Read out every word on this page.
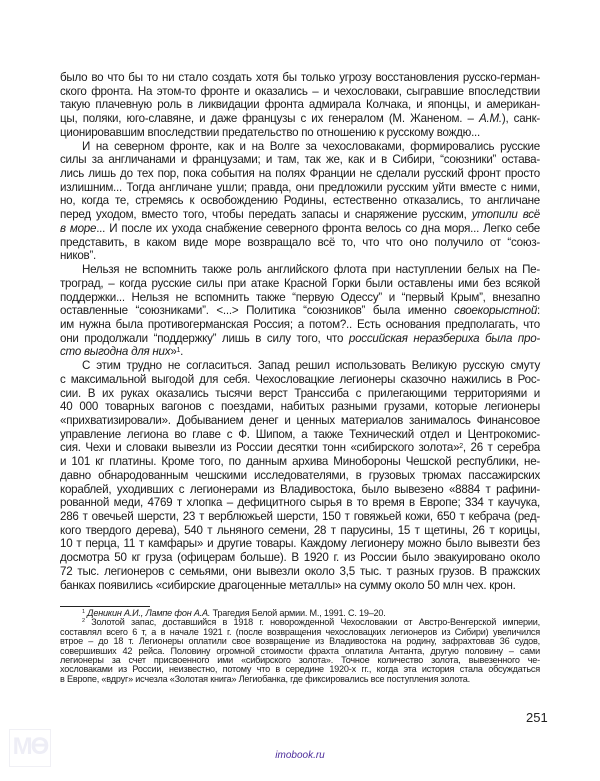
было во что бы то ни стало создать хотя бы только угрозу восстановления русско-герман-
ского фронта. На этом-то фронте и оказались – и чехословаки, сыгравшие впоследствии
такую плачевную роль в ликвидации фронта адмирала Колчака, и японцы, и американ-
цы, поляки, юго-славяне, и даже французы с их генералом (М. Жаненом. – А.М.), санк-
ционировавшим впоследствии предательство по отношению к русскому вождю...
И на северном фронте, как и на Волге за чехословаками, формировались русские
силы за англичанами и французами; и там, так же, как и в Сибири, “союзники” остава-
лись лишь до тех пор, пока события на полях Франции не сделали русский фронт просто
излишним... Тогда англичане ушли; правда, они предложили русским уйти вместе с ними,
но, когда те, стремясь к освобождению Родины, естественно отказались, то англичане
перед уходом, вместо того, чтобы передать запасы и снаряжение русским, утопили всё
в море... И после их ухода снабжение северного фронта велось со дна моря... Легко себе
представить, в каком виде море возвращало всё то, что что оно получило от “союз-
ников”.
Нельзя не вспомнить также роль английского флота при наступлении белых на Пе-
троград, – когда русские силы при атаке Красной Горки были оставлены ими без всякой
поддержки... Нельзя не вспомнить также “первую Одессу” и “первый Крым”, внезапно
оставленные “союзниками”. <...> Политика “союзников” была именно своекорыстной:
им нужна была противогерманская Россия; а потом?.. Есть основания предполагать, что
они продолжали “поддержку” лишь в силу того, что российская неразбериха была про-
сто выгодна для них»$^1$.
С этим трудно не согласиться. Запад решил использовать Великую русскую смуту
с максимальной выгодой для себя. Чехословацкие легионеры сказочно нажились в Рос-
сии. В их руках оказались тысячи верст Транссиба с прилегающими территориями и
40 000 товарных вагонов с поездами, набитых разными грузами, которые легионеры
«прихватизировали». Добыванием денег и ценных материалов занималось Финансовое
управление легиона во главе с Ф. Шипом, а также Технический отдел и Центрокомис-
сия. Чехи и словаки вывезли из России десятки тонн «сибирского золота»$^2$, 26 т серебра
и 101 кг платины. Кроме того, по данным архива Минобороны Чешской республики, не-
давно обнародованным чешскими исследователями, в грузовых трюмах пассажирских
кораблей, уходивших с легионерами из Владивостока, было вывезено «8884 т рафини-
рованной меди, 4769 т хлопка – дефицитного сырья в то время в Европе; 334 т каучука,
286 т овечьей шерсти, 23 т верблюжьей шерсти, 150 т говяжьей кожи, 650 т кебрача (ред-
кого твердого дерева), 540 т льняного семени, 28 т парусины, 15 т щетины, 26 т корицы,
10 т перца, 11 т камфары» и другие товары. Каждому легионеру можно было вывезти без
досмотра 50 кг груза (офицерам больше). В 1920 г. из России было эвакуировано около
72 тыс. легионеров с семьями, они вывезли около 3,5 тыс. т разных грузов. В пражских
банках появились «сибирские драгоценные металлы» на сумму около 50 млн чех. крон.
$^1$ Деникин А.И., Лампе фон А.А. Трагедия Белой армии. М., 1991. С. 19–20.
$^2$ Золотой запас, доставшийся в 1918 г. новорожденной Чехословакии от Австро-Венгерской империи,
составлял всего 6 т, а в начале 1921 г. (после возвращения чехословацких легионеров из Сибири) увеличился
втрое – до 18 т. Легионеры оплатили свое возвращение из Владивостока на родину, зафрахтовав 36 судов,
совершивших 42 рейса. Половину огромной стоимости фрахта оплатила Антанта, другую половину – сами
легионеры за счет присвоенного ими «сибирского золота». Точное количество золота, вывезенного че-
хословаками из России, неизвестно, потому что в середине 1920-х гг., когда эта история стала обсуждаться
в Европе, «вдруг» исчезла «Золотая книга» Легиобанка, где фиксировались все поступления золота.
251
MӨ	imobook.ru
